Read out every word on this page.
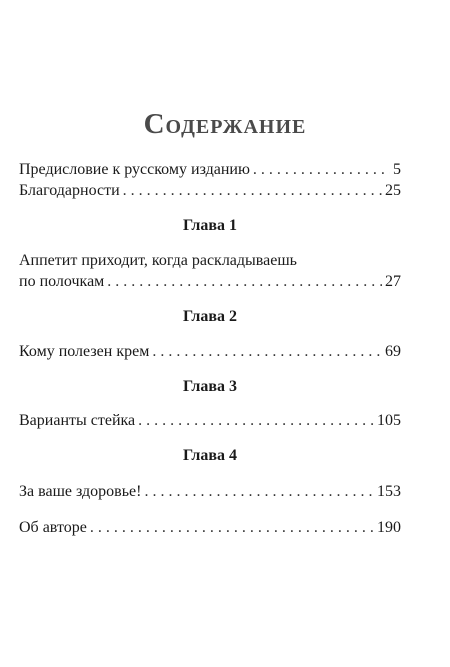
Содержание
Предисловие к русскому изданию . . .	5
Благодарности . . .	25
Глава 1
Аппетит приходит, когда раскладываешь
по полочкам . . .	27
Глава 2
Кому полезен крем . . .	69
Глава 3
Варианты стейка . . .	105
Глава 4
За ваше здоровье! . . .	153
Об авторе . . .	190
